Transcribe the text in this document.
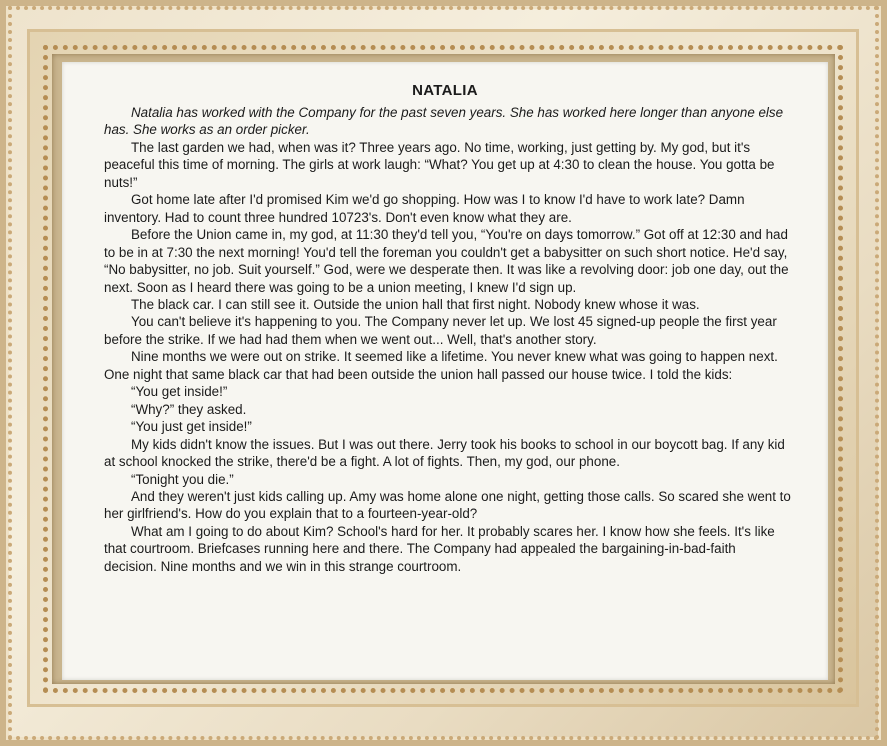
NATALIA

Natalia has worked with the Company for the past seven years. She has worked here longer than anyone else has. She works as an order picker.

The last garden we had, when was it? Three years ago. No time, working, just getting by. My god, but it's peaceful this time of morning. The girls at work laugh: “What? You get up at 4:30 to clean the house. You gotta be nuts!”

Got home late after I'd promised Kim we'd go shopping. How was I to know I'd have to work late? Damn inventory. Had to count three hundred 10723's. Don't even know what they are.

Before the Union came in, my god, at 11:30 they'd tell you, “You're on days tomorrow.” Got off at 12:30 and had to be in at 7:30 the next morning! You'd tell the foreman you couldn't get a babysitter on such short notice. He'd say, “No babysitter, no job. Suit yourself.” God, were we desperate then. It was like a revolving door: job one day, out the next. Soon as I heard there was going to be a union meeting, I knew I'd sign up.

The black car. I can still see it. Outside the union hall that first night. Nobody knew whose it was.

You can't believe it's happening to you. The Company never let up. We lost 45 signed-up people the first year before the strike. If we had had them when we went out... Well, that's another story.

Nine months we were out on strike. It seemed like a lifetime. You never knew what was going to happen next. One night that same black car that had been outside the union hall passed our house twice. I told the kids:

“You get inside!”

“Why?” they asked.

“You just get inside!”

My kids didn't know the issues. But I was out there. Jerry took his books to school in our boycott bag. If any kid at school knocked the strike, there'd be a fight. A lot of fights. Then, my god, our phone.

“Tonight you die.”

And they weren't just kids calling up. Amy was home alone one night, getting those calls. So scared she went to her girlfriend's. How do you explain that to a fourteen-year-old?

What am I going to do about Kim? School's hard for her. It probably scares her. I know how she feels. It's like that courtroom. Briefcases running here and there. The Company had appealed the bargaining-in-bad-faith decision. Nine months and we win in this strange courtroom.
